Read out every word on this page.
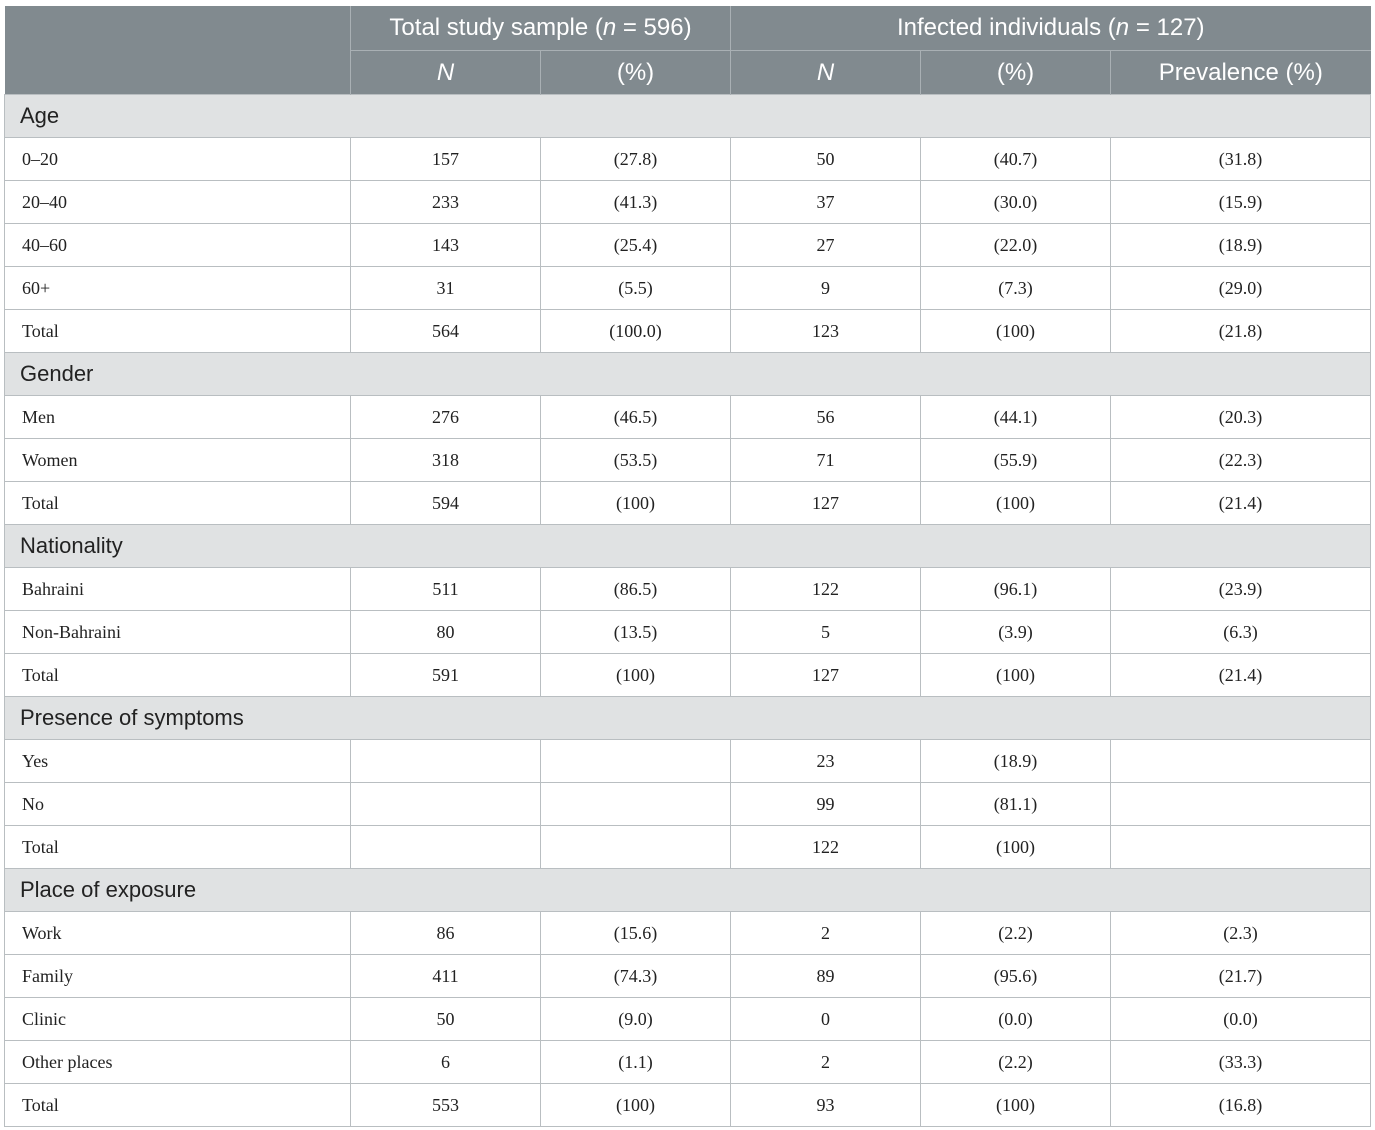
	Total study sample (n = 596)		Infected individuals (n = 127)		
	N	(%)	N	(%)	Prevalence (%)
Age					
0–20	157	(27.8)	50	(40.7)	(31.8)
20–40	233	(41.3)	37	(30.0)	(15.9)
40–60	143	(25.4)	27	(22.0)	(18.9)
60+	31	(5.5)	9	(7.3)	(29.0)
Total	564	(100.0)	123	(100)	(21.8)
Gender					
Men	276	(46.5)	56	(44.1)	(20.3)
Women	318	(53.5)	71	(55.9)	(22.3)
Total	594	(100)	127	(100)	(21.4)
Nationality					
Bahraini	511	(86.5)	122	(96.1)	(23.9)
Non-Bahraini	80	(13.5)	5	(3.9)	(6.3)
Total	591	(100)	127	(100)	(21.4)
Presence of symptoms					
Yes			23	(18.9)	
No			99	(81.1)	
Total			122	(100)	
Place of exposure					
Work	86	(15.6)	2	(2.2)	(2.3)
Family	411	(74.3)	89	(95.6)	(21.7)
Clinic	50	(9.0)	0	(0.0)	(0.0)
Other places	6	(1.1)	2	(2.2)	(33.3)
Total	553	(100)	93	(100)	(16.8)
